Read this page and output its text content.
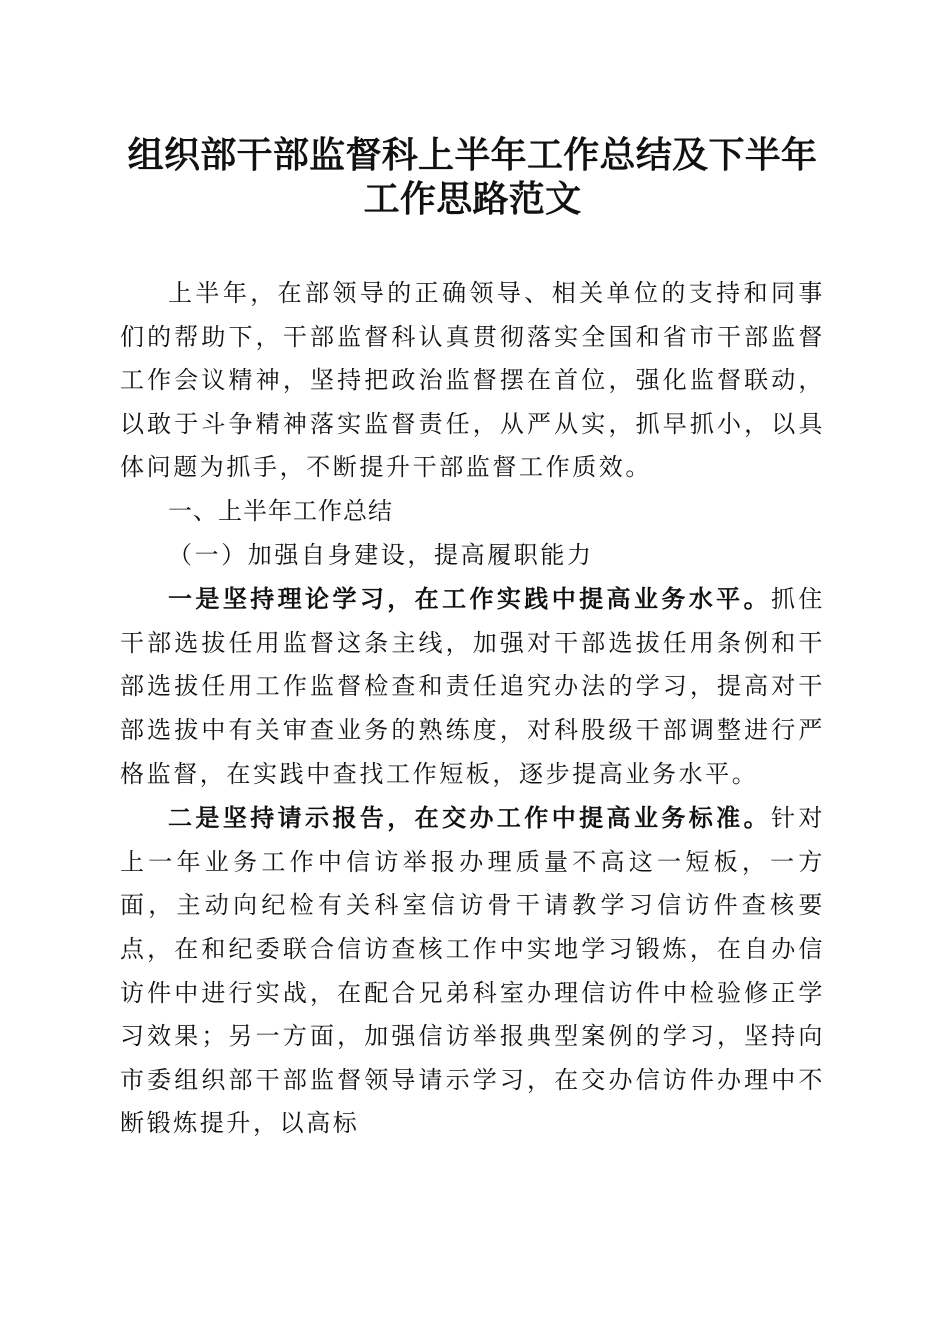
组织部干部监督科上半年工作总结及下半年工作思路范文

上半年，在部领导的正确领导、相关单位的支持和同事们的帮助下，干部监督科认真贯彻落实全国和省市干部监督工作会议精神，坚持把政治监督摆在首位，强化监督联动，以敢于斗争精神落实监督责任，从严从实，抓早抓小，以具体问题为抓手，不断提升干部监督工作质效。

一、上半年工作总结

（一）加强自身建设，提高履职能力

一是坚持理论学习，在工作实践中提高业务水平。抓住干部选拔任用监督这条主线，加强对干部选拔任用条例和干部选拔任用工作监督检查和责任追究办法的学习，提高对干部选拔中有关审查业务的熟练度，对科股级干部调整进行严格监督，在实践中查找工作短板，逐步提高业务水平。

二是坚持请示报告，在交办工作中提高业务标准。针对上一年业务工作中信访举报办理质量不高这一短板，一方面，主动向纪检有关科室信访骨干请教学习信访件查核要点，在和纪委联合信访查核工作中实地学习锻炼，在自办信访件中进行实战，在配合兄弟科室办理信访件中检验修正学习效果；另一方面，加强信访举报典型案例的学习，坚持向市委组织部干部监督领导请示学习，在交办信访件办理中不断锻炼提升，以高标
